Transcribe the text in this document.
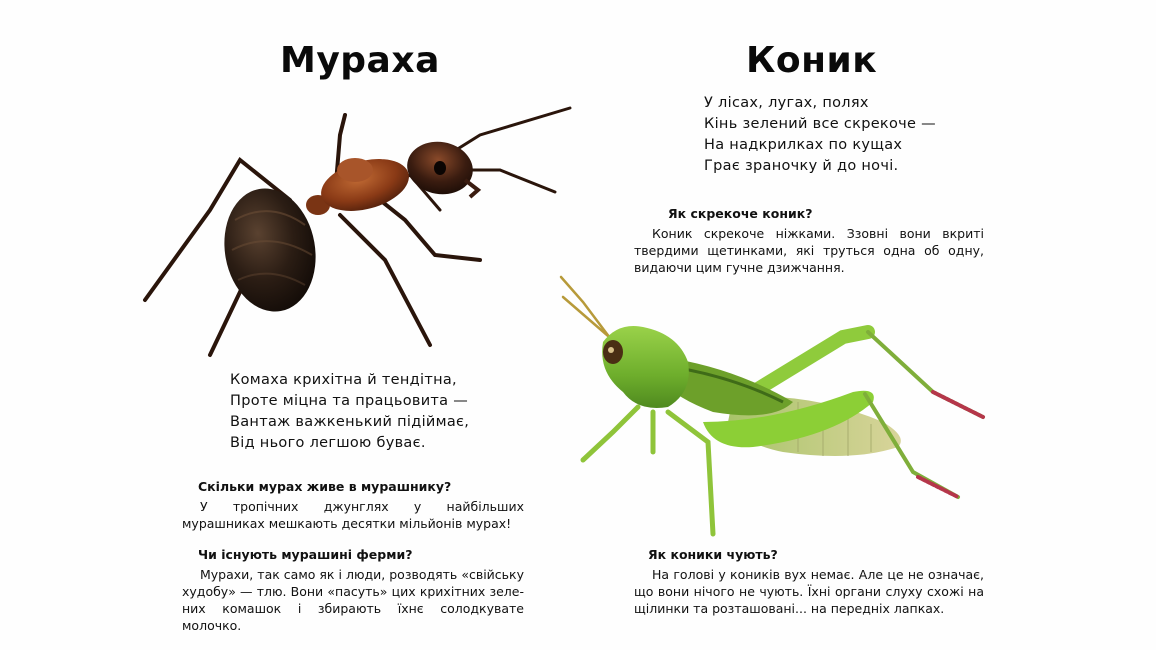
Мураха
Комаха крихітна й тендітна,
Проте міцна та працьовита —
Вантаж важкенький підіймає,
Від нього легшою буває.

Скільки мурах живе в мурашнику?

У тропічних джунглях у найбільших мурашниках мешкають десятки мільйонів мурах!

Чи існують мурашині ферми?

Мурахи, так само як і люди, розводять «свійську худобу» — тлю. Вони «пасуть» цих крихітних зелених комашок і збирають їхнє солодкувате молочко.

Коник
У лісах, лугах, полях
Кінь зелений все скрекоче —
На надкрилках по кущах
Грає зраночку й до ночі.

Як скрекоче коник?

Коник скрекоче ніжками. Ззовні вони вкриті твердими щетинками, які труться одна об одну, видаючи цим гучне дзижчання.

Як коники чують?

На голові у коників вух немає. Але це не означає, що вони нічого не чують. Їхні органи слуху схожі на щілинки та розташовані... на передніх лапках.
